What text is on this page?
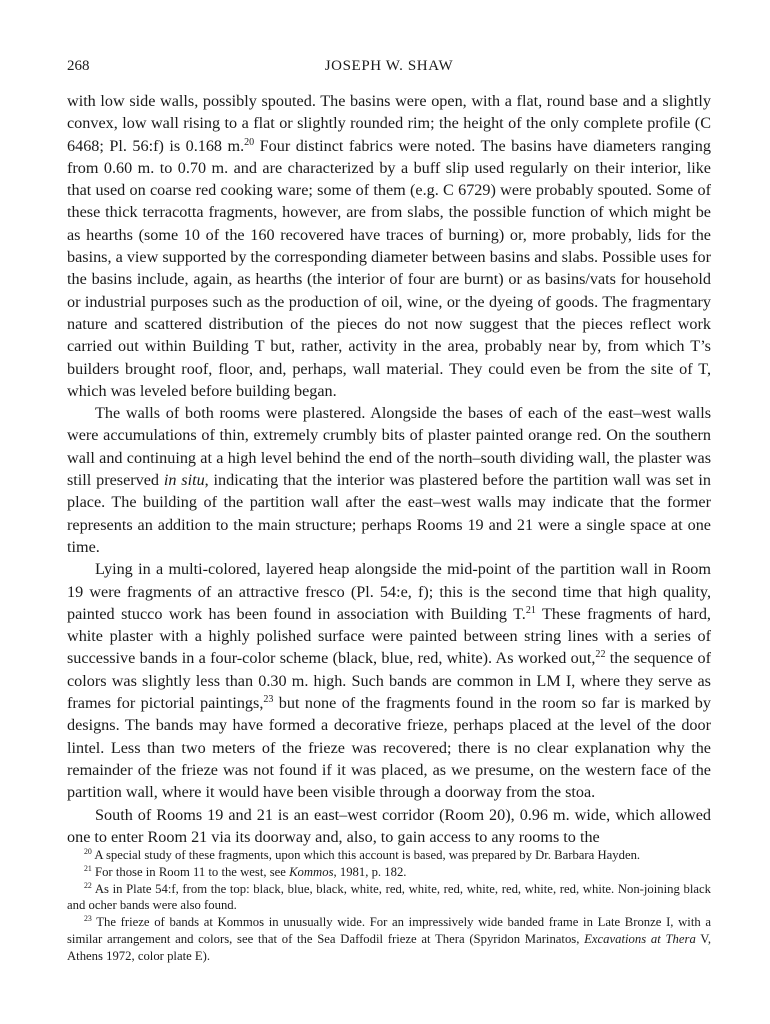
268	JOSEPH W. SHAW

with low side walls, possibly spouted. The basins were open, with a flat, round base and a slightly convex, low wall rising to a flat or slightly rounded rim; the height of the only complete profile (C 6468; Pl. 56:f) is 0.168 m.$^{20}$ Four distinct fabrics were noted. The basins have diameters ranging from 0.60 m. to 0.70 m. and are characterized by a buff slip used regularly on their interior, like that used on coarse red cooking ware; some of them (e.g. C 6729) were probably spouted. Some of these thick terracotta fragments, however, are from slabs, the possible function of which might be as hearths (some 10 of the 160 recovered have traces of burning) or, more probably, lids for the basins, a view supported by the corresponding diameter between basins and slabs. Possible uses for the basins include, again, as hearths (the interior of four are burnt) or as basins/vats for household or industrial purposes such as the production of oil, wine, or the dyeing of goods. The fragmentary nature and scattered distribution of the pieces do not now suggest that the pieces reflect work carried out within Building T but, rather, activity in the area, probably near by, from which T’s builders brought roof, floor, and, perhaps, wall material. They could even be from the site of T, which was leveled before building began.

The walls of both rooms were plastered. Alongside the bases of each of the east–west walls were accumulations of thin, extremely crumbly bits of plaster painted orange red. On the southern wall and continuing at a high level behind the end of the north–south dividing wall, the plaster was still preserved in situ, indicating that the interior was plastered before the partition wall was set in place. The building of the partition wall after the east–west walls may indicate that the former represents an addition to the main structure; perhaps Rooms 19 and 21 were a single space at one time.

Lying in a multi-colored, layered heap alongside the mid-point of the partition wall in Room 19 were fragments of an attractive fresco (Pl. 54:e, f); this is the second time that high quality, painted stucco work has been found in association with Building T.$^{21}$ These fragments of hard, white plaster with a highly polished surface were painted between string lines with a series of successive bands in a four-color scheme (black, blue, red, white). As worked out,$^{22}$ the sequence of colors was slightly less than 0.30 m. high. Such bands are common in LM I, where they serve as frames for pictorial paintings,$^{23}$ but none of the fragments found in the room so far is marked by designs. The bands may have formed a decorative frieze, perhaps placed at the level of the door lintel. Less than two meters of the frieze was recovered; there is no clear explanation why the remainder of the frieze was not found if it was placed, as we presume, on the western face of the partition wall, where it would have been visible through a doorway from the stoa.

South of Rooms 19 and 21 is an east–west corridor (Room 20), 0.96 m. wide, which allowed one to enter Room 21 via its doorway and, also, to gain access to any rooms to the

$^{20}$ A special study of these fragments, upon which this account is based, was prepared by Dr. Barbara Hayden.

$^{21}$ For those in Room 11 to the west, see Kommos, 1981, p. 182.

$^{22}$ As in Plate 54:f, from the top: black, blue, black, white, red, white, red, white, red, white, red, white. Non-joining black and ocher bands were also found.

$^{23}$ The frieze of bands at Kommos in unusually wide. For an impressively wide banded frame in Late Bronze I, with a similar arrangement and colors, see that of the Sea Daffodil frieze at Thera (Spyridon Marinatos, Excavations at Thera V, Athens 1972, color plate E).
